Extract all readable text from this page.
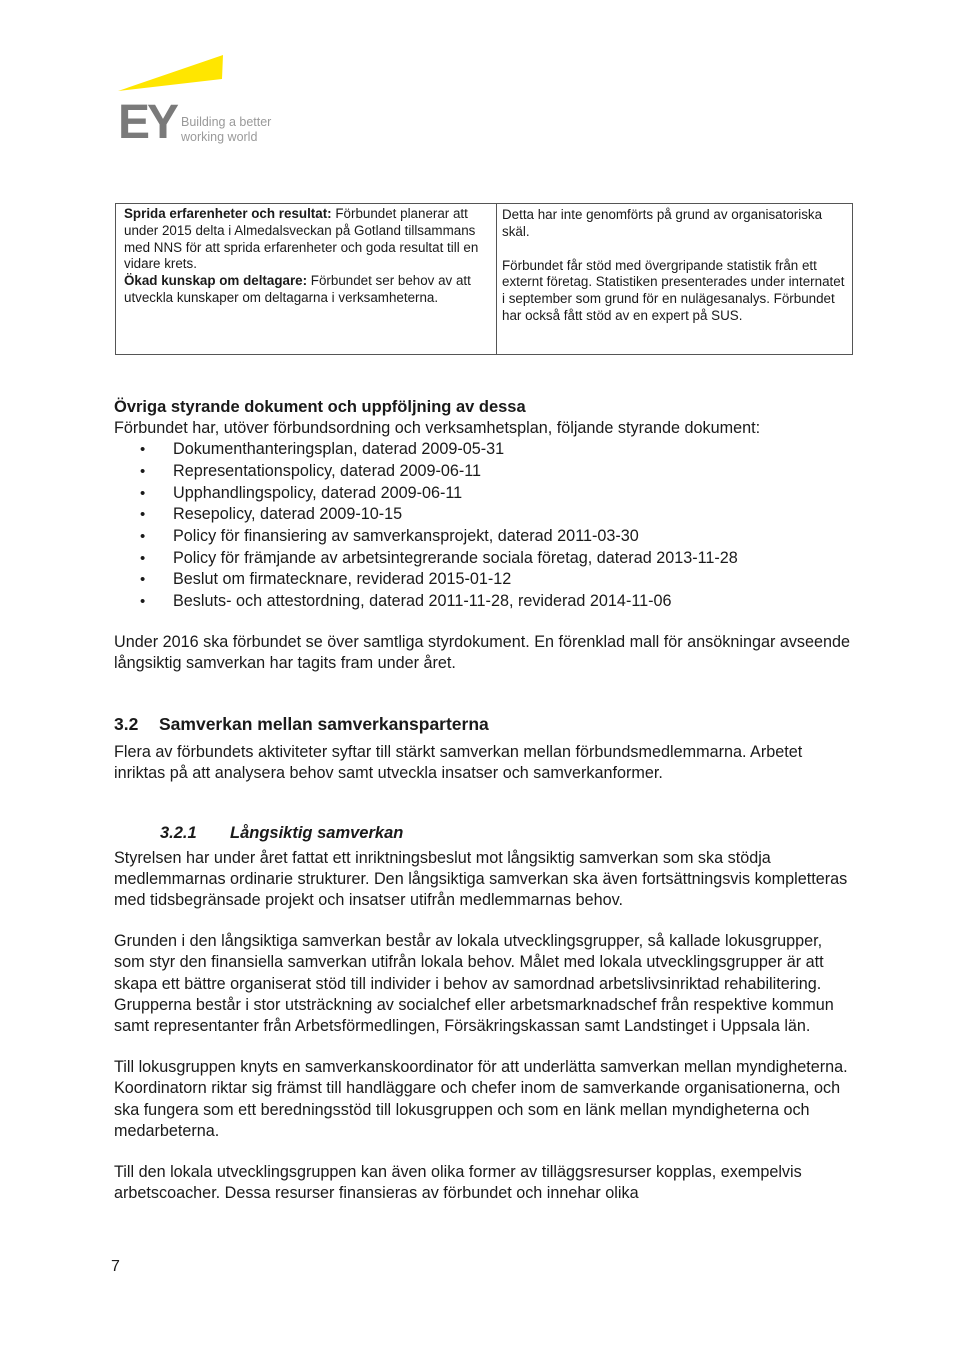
EY Building a better
working world

Sprida erfarenheter och resultat: Förbundet planerar att under 2015 delta i Almedalsveckan på Gotland tillsammans med NNS för att sprida erfarenheter och goda resultat till en vidare krets.

Ökad kunskap om deltagare: Förbundet ser behov av att utveckla kunskaper om deltagarna i verksamheterna.

Detta har inte genomförts på grund av organisatoriska skäl.

Förbundet får stöd med övergripande statistik från ett externt företag. Statistiken presenterades under internatet i september som grund för en nulägesanalys. Förbundet har också fått stöd av en expert på SUS.

Övriga styrande dokument och uppföljning av dessa

Förbundet har, utöver förbundsordning och verksamhetsplan, följande styrande dokument:

• Dokumenthanteringsplan, daterad 2009-05-31
• Representationspolicy, daterad 2009-06-11
• Upphandlingspolicy, daterad 2009-06-11
• Resepolicy, daterad 2009-10-15
• Policy för finansiering av samverkansprojekt, daterad 2011-03-30
• Policy för främjande av arbetsintegrerande sociala företag, daterad 2013-11-28
• Beslut om firmatecknare, reviderad 2015-01-12
• Besluts- och attestordning, daterad 2011-11-28, reviderad 2014-11-06

Under 2016 ska förbundet se över samtliga styrdokument. En förenklad mall för ansökningar avseende långsiktig samverkan har tagits fram under året.

3.2 Samverkan mellan samverkansparterna

Flera av förbundets aktiviteter syftar till stärkt samverkan mellan förbundsmedlemmarna. Arbetet inriktas på att analysera behov samt utveckla insatser och samverkanformer.

3.2.1 Långsiktig samverkan

Styrelsen har under året fattat ett inriktningsbeslut mot långsiktig samverkan som ska stödja medlemmarnas ordinarie strukturer. Den långsiktiga samverkan ska även fortsättningsvis kompletteras med tidsbegränsade projekt och insatser utifrån medlemmarnas behov.

Grunden i den långsiktiga samverkan består av lokala utvecklingsgrupper, så kallade lokusgrupper, som styr den finansiella samverkan utifrån lokala behov. Målet med lokala utvecklingsgrupper är att skapa ett bättre organiserat stöd till individer i behov av samordnad arbetslivsinriktad rehabilitering. Grupperna består i stor utsträckning av socialchef eller arbetsmarknadschef från respektive kommun samt representanter från Arbetsförmedlingen, Försäkringskassan samt Landstinget i Uppsala län.

Till lokusgruppen knyts en samverkanskoordinator för att underlätta samverkan mellan myndigheterna. Koordinatorn riktar sig främst till handläggare och chefer inom de samverkande organisationerna, och ska fungera som ett beredningsstöd till lokusgruppen och som en länk mellan myndigheterna och medarbeterna.

Till den lokala utvecklingsgruppen kan även olika former av tilläggsresurser kopplas, exempelvis arbetscoacher. Dessa resurser finansieras av förbundet och innehar olika

7
